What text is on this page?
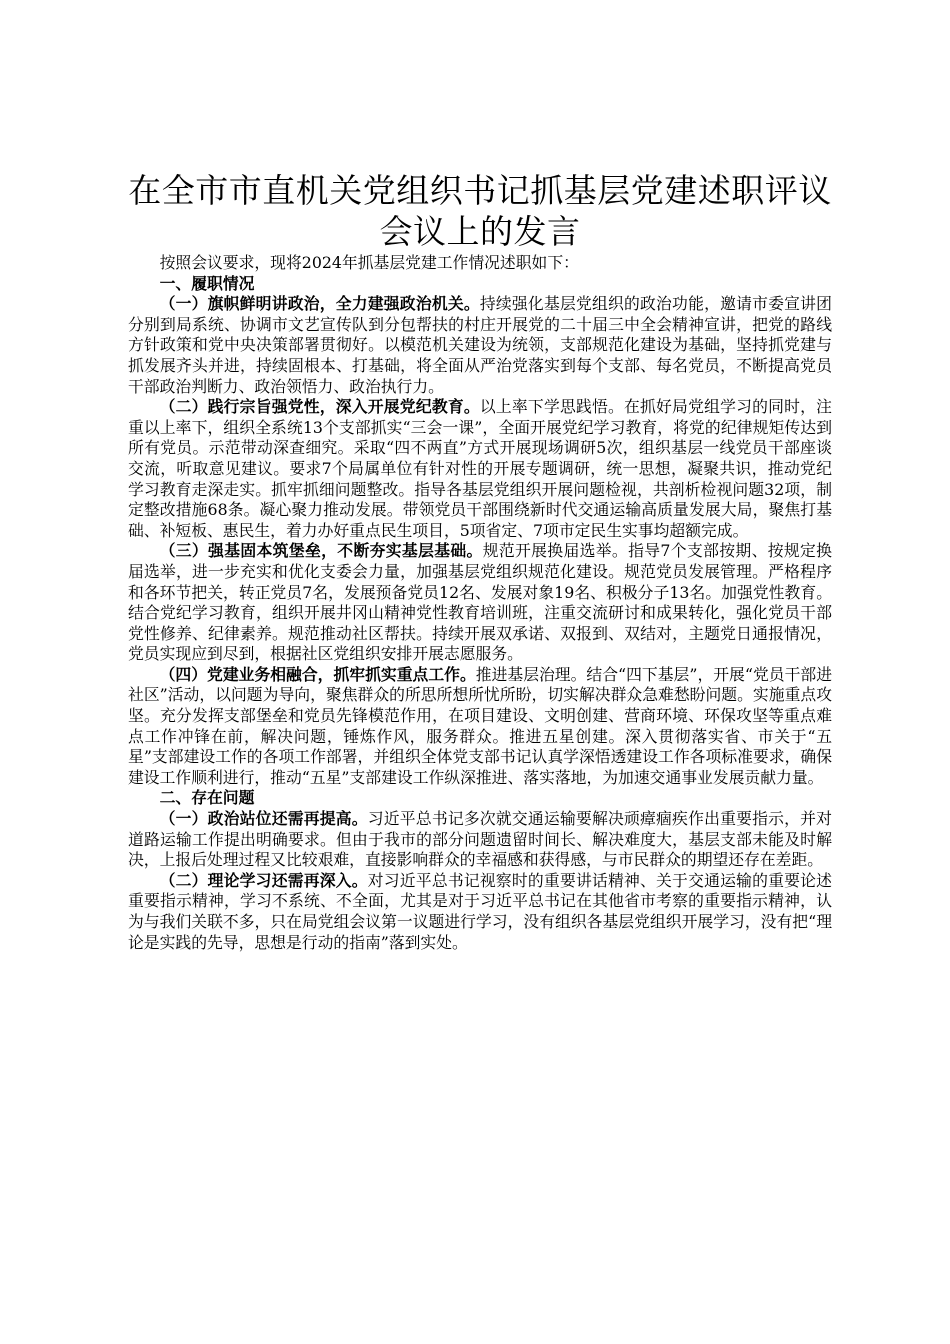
在全市市直机关党组织书记抓基层党建述职评议会议上的发言

按照会议要求，现将2024年抓基层党建工作情况述职如下：

一、履职情况

（一）旗帜鲜明讲政治，全力建强政治机关。持续强化基层党组织的政治功能，邀请市委宣讲团分别到局系统、协调市文艺宣传队到分包帮扶的村庄开展党的二十届三中全会精神宣讲，把党的路线方针政策和党中央决策部署贯彻好。以模范机关建设为统领，支部规范化建设为基础，坚持抓党建与抓发展齐头并进，持续固根本、打基础，将全面从严治党落实到每个支部、每名党员，不断提高党员干部政治判断力、政治领悟力、政治执行力。

（二）践行宗旨强党性，深入开展党纪教育。以上率下学思践悟。在抓好局党组学习的同时，注重以上率下，组织全系统13个支部抓实“三会一课”，全面开展党纪学习教育，将党的纪律规矩传达到所有党员。示范带动深查细究。采取“四不两直”方式开展现场调研5次，组织基层一线党员干部座谈交流，听取意见建议。要求7个局属单位有针对性的开展专题调研，统一思想，凝聚共识，推动党纪学习教育走深走实。抓牢抓细问题整改。指导各基层党组织开展问题检视，共剖析检视问题32项，制定整改措施68条。凝心聚力推动发展。带领党员干部围绕新时代交通运输高质量发展大局，聚焦打基础、补短板、惠民生，着力办好重点民生项目，5项省定、7项市定民生实事均超额完成。

（三）强基固本筑堡垒，不断夯实基层基础。规范开展换届选举。指导7个支部按期、按规定换届选举，进一步充实和优化支委会力量，加强基层党组织规范化建设。规范党员发展管理。严格程序和各环节把关，转正党员7名，发展预备党员12名、发展对象19名、积极分子13名。加强党性教育。结合党纪学习教育，组织开展井冈山精神党性教育培训班，注重交流研讨和成果转化，强化党员干部党性修养、纪律素养。规范推动社区帮扶。持续开展双承诺、双报到、双结对，主题党日通报情况，党员实现应到尽到，根据社区党组织安排开展志愿服务。

（四）党建业务相融合，抓牢抓实重点工作。推进基层治理。结合“四下基层”，开展“党员干部进社区”活动，以问题为导向，聚焦群众的所思所想所忧所盼，切实解决群众急难愁盼问题。实施重点攻坚。充分发挥支部堡垒和党员先锋模范作用，在项目建设、文明创建、营商环境、环保攻坚等重点难点工作冲锋在前，解决问题，锤炼作风，服务群众。推进五星创建。深入贯彻落实省、市关于“五星”支部建设工作的各项工作部署，并组织全体党支部书记认真学深悟透建设工作各项标准要求，确保建设工作顺利进行，推动“五星”支部建设工作纵深推进、落实落地，为加速交通事业发展贡献力量。

二、存在问题

（一）政治站位还需再提高。习近平总书记多次就交通运输要解决顽瘴痼疾作出重要指示，并对道路运输工作提出明确要求。但由于我市的部分问题遗留时间长、解决难度大，基层支部未能及时解决，上报后处理过程又比较艰难，直接影响群众的幸福感和获得感，与市民群众的期望还存在差距。

（二）理论学习还需再深入。对习近平总书记视察时的重要讲话精神、关于交通运输的重要论述重要指示精神，学习不系统、不全面，尤其是对于习近平总书记在其他省市考察的重要指示精神，认为与我们关联不多，只在局党组会议第一议题进行学习，没有组织各基层党组织开展学习，没有把“理论是实践的先导，思想是行动的指南”落到实处。
